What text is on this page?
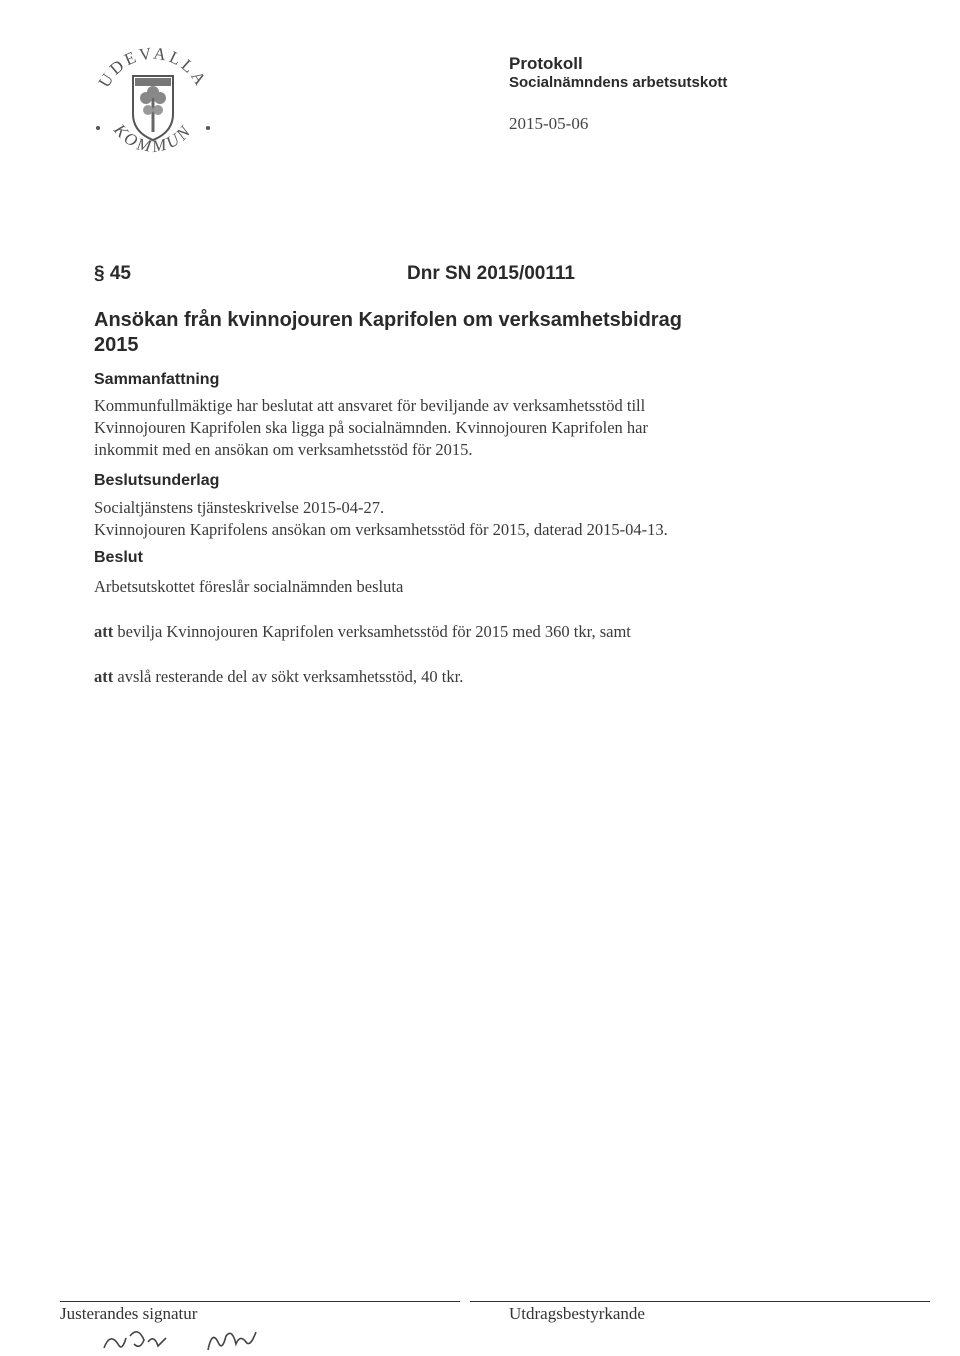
UDEVALLA
KOMMUN
Protokoll
Socialnämndens arbetsutskott
2015-05-06
§ 45	Dnr SN 2015/00111
Ansökan från kvinnojouren Kaprifolen om verksamhetsbidrag
2015
Sammanfattning
Kommunfullmäktige har beslutat att ansvaret för beviljande av verksamhetsstöd till
Kvinnojouren Kaprifolen ska ligga på socialnämnden. Kvinnojouren Kaprifolen har
inkommit med en ansökan om verksamhetsstöd för 2015.
Beslutsunderlag
Socialtjänstens tjänsteskrivelse 2015-04-27.
Kvinnojouren Kaprifolens ansökan om verksamhetsstöd för 2015, daterad 2015-04-13.
Beslut
Arbetsutskottet föreslår socialnämnden besluta
att bevilja Kvinnojouren Kaprifolen verksamhetsstöd för 2015 med 360 tkr, samt
att avslå resterande del av sökt verksamhetsstöd, 40 tkr.
Justerandes signatur	Utdragsbestyrkande
